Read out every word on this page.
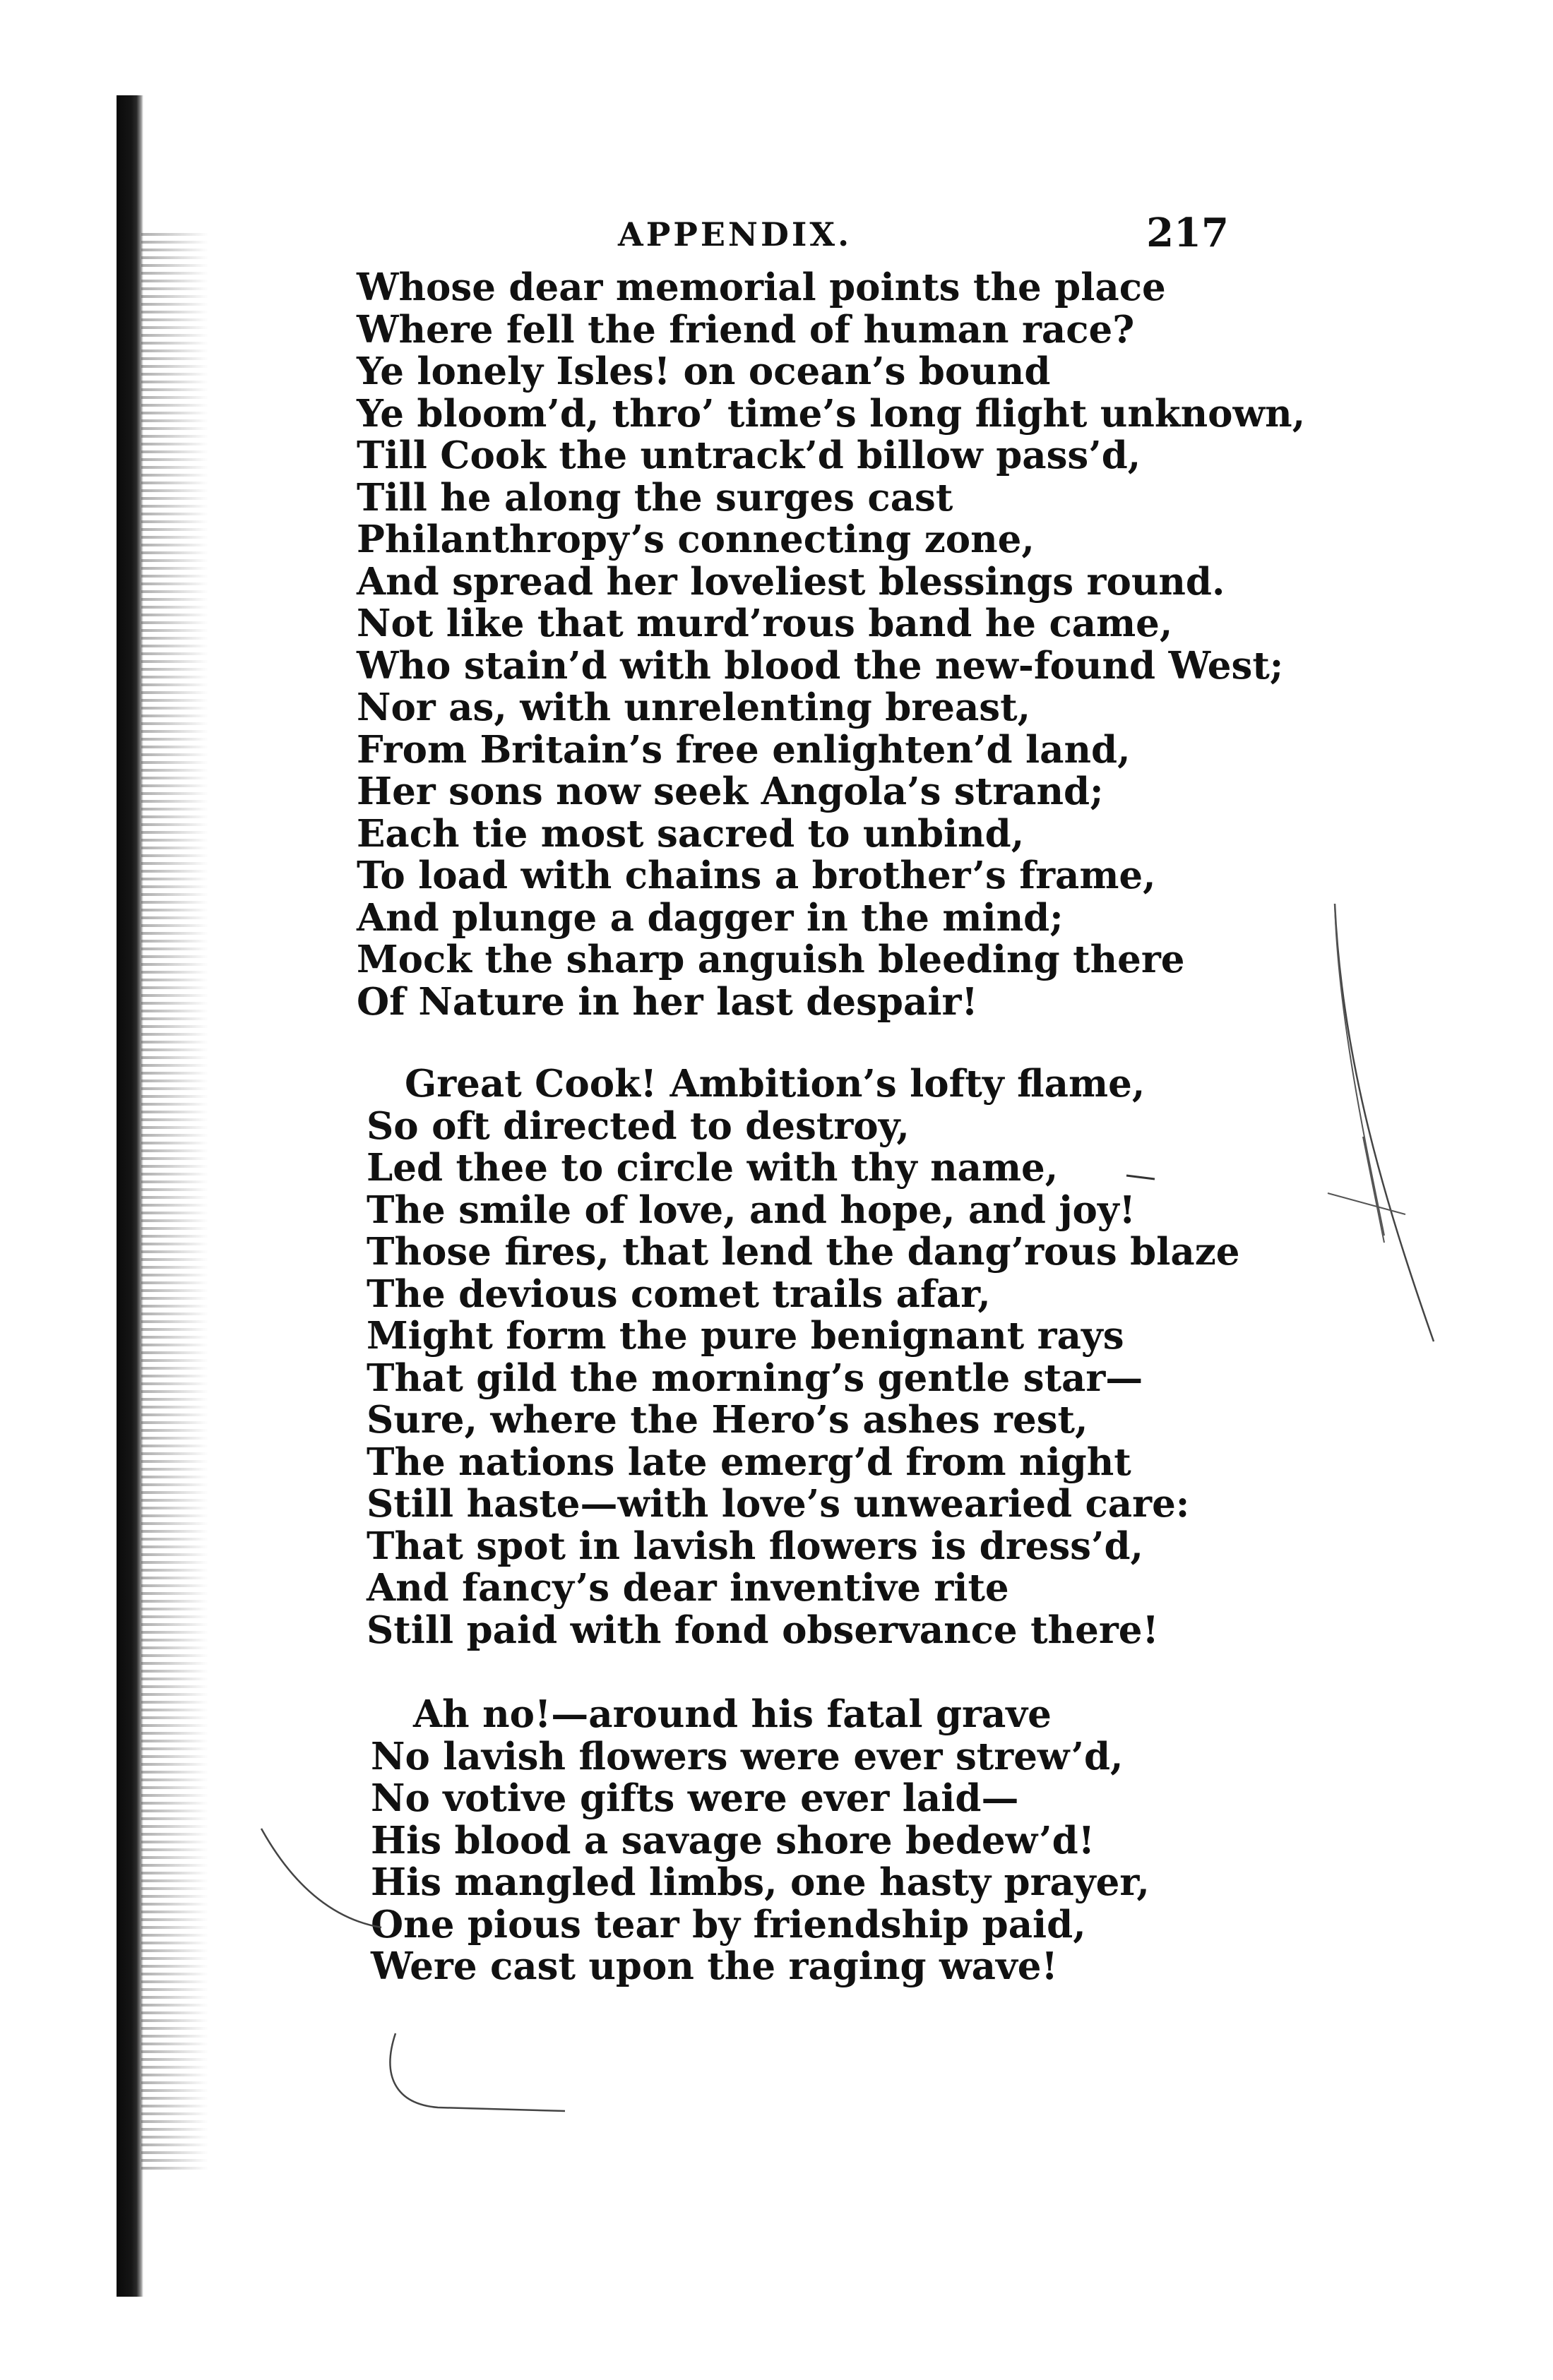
APPENDIX.	217
Whose dear memorial points the place
Where fell the friend of human race?
Ye lonely Isles! on ocean’s bound
Ye bloom’d, thro’ time’s long flight unknown,
Till Cook the untrack’d billow pass’d,
Till he along the surges cast
Philanthropy’s connecting zone,
And spread her loveliest blessings round.
Not like that murd’rous band he came,
Who stain’d with blood the new-found West;
Nor as, with unrelenting breast,
From Britain’s free enlighten’d land,
Her sons now seek Angola’s strand;
Each tie most sacred to unbind,
To load with chains a brother’s frame,
And plunge a dagger in the mind;
Mock the sharp anguish bleeding there
Of Nature in her last despair!
Great Cook! Ambition’s lofty flame,
So oft directed to destroy,
Led thee to circle with thy name,
The smile of love, and hope, and joy!
Those fires, that lend the dang’rous blaze
The devious comet trails afar,
Might form the pure benignant rays
That gild the morning’s gentle star—
Sure, where the Hero’s ashes rest,
The nations late emerg’d from night
Still haste—with love’s unwearied care:
That spot in lavish flowers is dress’d,
And fancy’s dear inventive rite
Still paid with fond observance there!
Ah no!—around his fatal grave
No lavish flowers were ever strew’d,
No votive gifts were ever laid—
His blood a savage shore bedew’d!
His mangled limbs, one hasty prayer,
One pious tear by friendship paid,
Were cast upon the raging wave!
